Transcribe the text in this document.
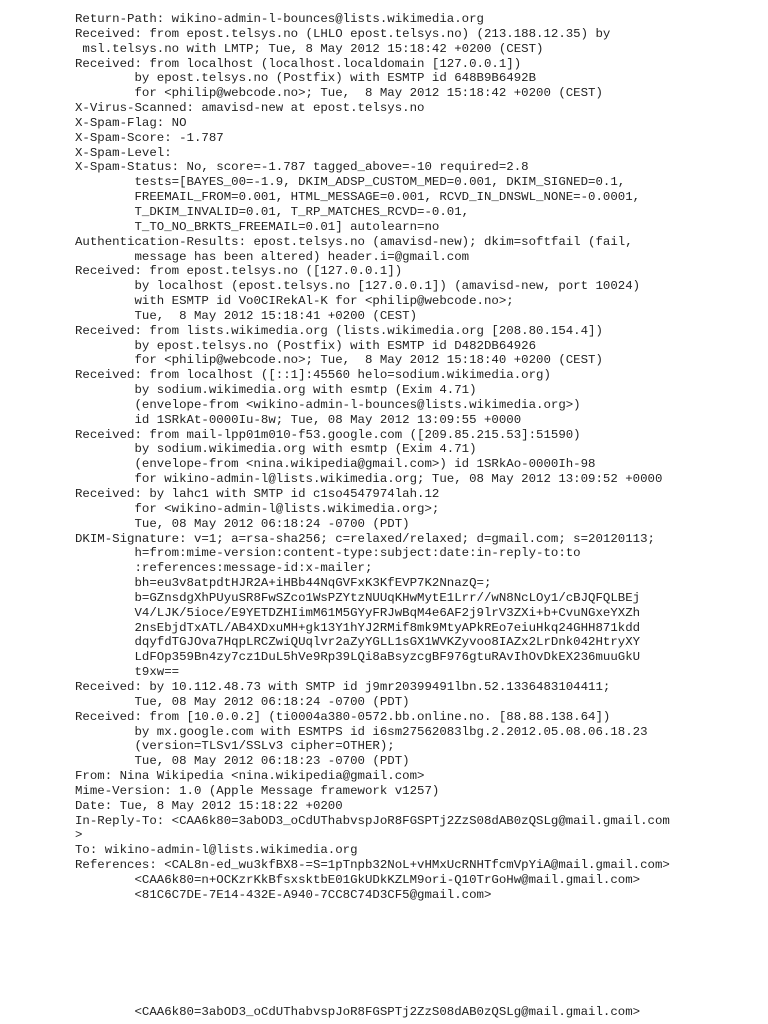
Return-Path: wikino-admin-l-bounces@lists.wikimedia.org
Received: from epost.telsys.no (LHLO epost.telsys.no) (213.188.12.35) by
msl.telsys.no with LMTP; Tue, 8 May 2012 15:18:42 +0200 (CEST)
Received: from localhost (localhost.localdomain [127.0.0.1])
by epost.telsys.no (Postfix) with ESMTP id 648B9B6492B
for <philip@webcode.no>; Tue,  8 May 2012 15:18:42 +0200 (CEST)
X-Virus-Scanned: amavisd-new at epost.telsys.no
X-Spam-Flag: NO
X-Spam-Score: -1.787
X-Spam-Level:
X-Spam-Status: No, score=-1.787 tagged_above=-10 required=2.8
tests=[BAYES_00=-1.9, DKIM_ADSP_CUSTOM_MED=0.001, DKIM_SIGNED=0.1,
FREEMAIL_FROM=0.001, HTML_MESSAGE=0.001, RCVD_IN_DNSWL_NONE=-0.0001,
T_DKIM_INVALID=0.01, T_RP_MATCHES_RCVD=-0.01,
T_TO_NO_BRKTS_FREEMAIL=0.01] autolearn=no
Authentication-Results: epost.telsys.no (amavisd-new); dkim=softfail (fail,
message has been altered) header.i=@gmail.com
Received: from epost.telsys.no ([127.0.0.1])
by localhost (epost.telsys.no [127.0.0.1]) (amavisd-new, port 10024)
with ESMTP id Vo0CIRekAl-K for <philip@webcode.no>;
Tue,  8 May 2012 15:18:41 +0200 (CEST)
Received: from lists.wikimedia.org (lists.wikimedia.org [208.80.154.4])
by epost.telsys.no (Postfix) with ESMTP id D482DB64926
for <philip@webcode.no>; Tue,  8 May 2012 15:18:40 +0200 (CEST)
Received: from localhost ([::1]:45560 helo=sodium.wikimedia.org)
by sodium.wikimedia.org with esmtp (Exim 4.71)
(envelope-from <wikino-admin-l-bounces@lists.wikimedia.org>)
id 1SRkAt-0000Iu-8w; Tue, 08 May 2012 13:09:55 +0000
Received: from mail-lpp01m010-f53.google.com ([209.85.215.53]:51590)
by sodium.wikimedia.org with esmtp (Exim 4.71)
(envelope-from <nina.wikipedia@gmail.com>) id 1SRkAo-0000Ih-98
for wikino-admin-l@lists.wikimedia.org; Tue, 08 May 2012 13:09:52 +0000
Received: by lahc1 with SMTP id c1so4547974lah.12
for <wikino-admin-l@lists.wikimedia.org>;
Tue, 08 May 2012 06:18:24 -0700 (PDT)
DKIM-Signature: v=1; a=rsa-sha256; c=relaxed/relaxed; d=gmail.com; s=20120113;
h=from:mime-version:content-type:subject:date:in-reply-to:to
:references:message-id:x-mailer;
bh=eu3v8atpdtHJR2A+iHBb44NqGVFxK3KfEVP7K2NnazQ=;
b=GZnsdgXhPUyuSR8FwSZco1WsPZYtzNUUqKHwMytE1Lrr//wN8NcLOy1/cBJQFQLBEj
V4/LJK/5ioce/E9YETDZHIimM61M5GYyFRJwBqM4e6AF2j9lrV3ZXi+b+CvuNGxeYXZh
2nsEbjdTxATL/AB4XDxuMH+gk13Y1hYJ2RMif8mk9MtyAPkREo7eiuHkq24GHH871kdd
dqyfdTGJOva7HqpLRCZwiQUqlvr2aZyYGLL1sGX1WVKZyvoo8IAZx2LrDnk042HtryXY
LdFOp359Bn4zy7cz1DuL5hVe9Rp39LQi8aBsyzcgBF976gtuRAvIhOvDkEX236muuGkU
t9xw==
Received: by 10.112.48.73 with SMTP id j9mr20399491lbn.52.1336483104411;
Tue, 08 May 2012 06:18:24 -0700 (PDT)
Received: from [10.0.0.2] (ti0004a380-0572.bb.online.no. [88.88.138.64])
by mx.google.com with ESMTPS id i6sm27562083lbg.2.2012.05.08.06.18.23
(version=TLSv1/SSLv3 cipher=OTHER);
Tue, 08 May 2012 06:18:23 -0700 (PDT)
From: Nina Wikipedia <nina.wikipedia@gmail.com>
Mime-Version: 1.0 (Apple Message framework v1257)
Date: Tue, 8 May 2012 15:18:22 +0200
In-Reply-To: <CAA6k80=3abOD3_oCdUThabvspJoR8FGSPTj2ZzS08dAB0zQSLg@mail.gmail.com
>
To: wikino-admin-l@lists.wikimedia.org
References: <CAL8n-ed_wu3kfBX8-=S=1pTnpb32NoL+vHMxUcRNHTfcmVpYiA@mail.gmail.com>
<CAA6k80=n+OCKzrKkBfsxsktbE01GkUDkKZLM9ori-Q10TrGoHw@mail.gmail.com>
<81C6C7DE-7E14-432E-A940-7CC8C74D3CF5@gmail.com>
<CAA6k80=3abOD3_oCdUThabvspJoR8FGSPTj2ZzS08dAB0zQSLg@mail.gmail.com>
